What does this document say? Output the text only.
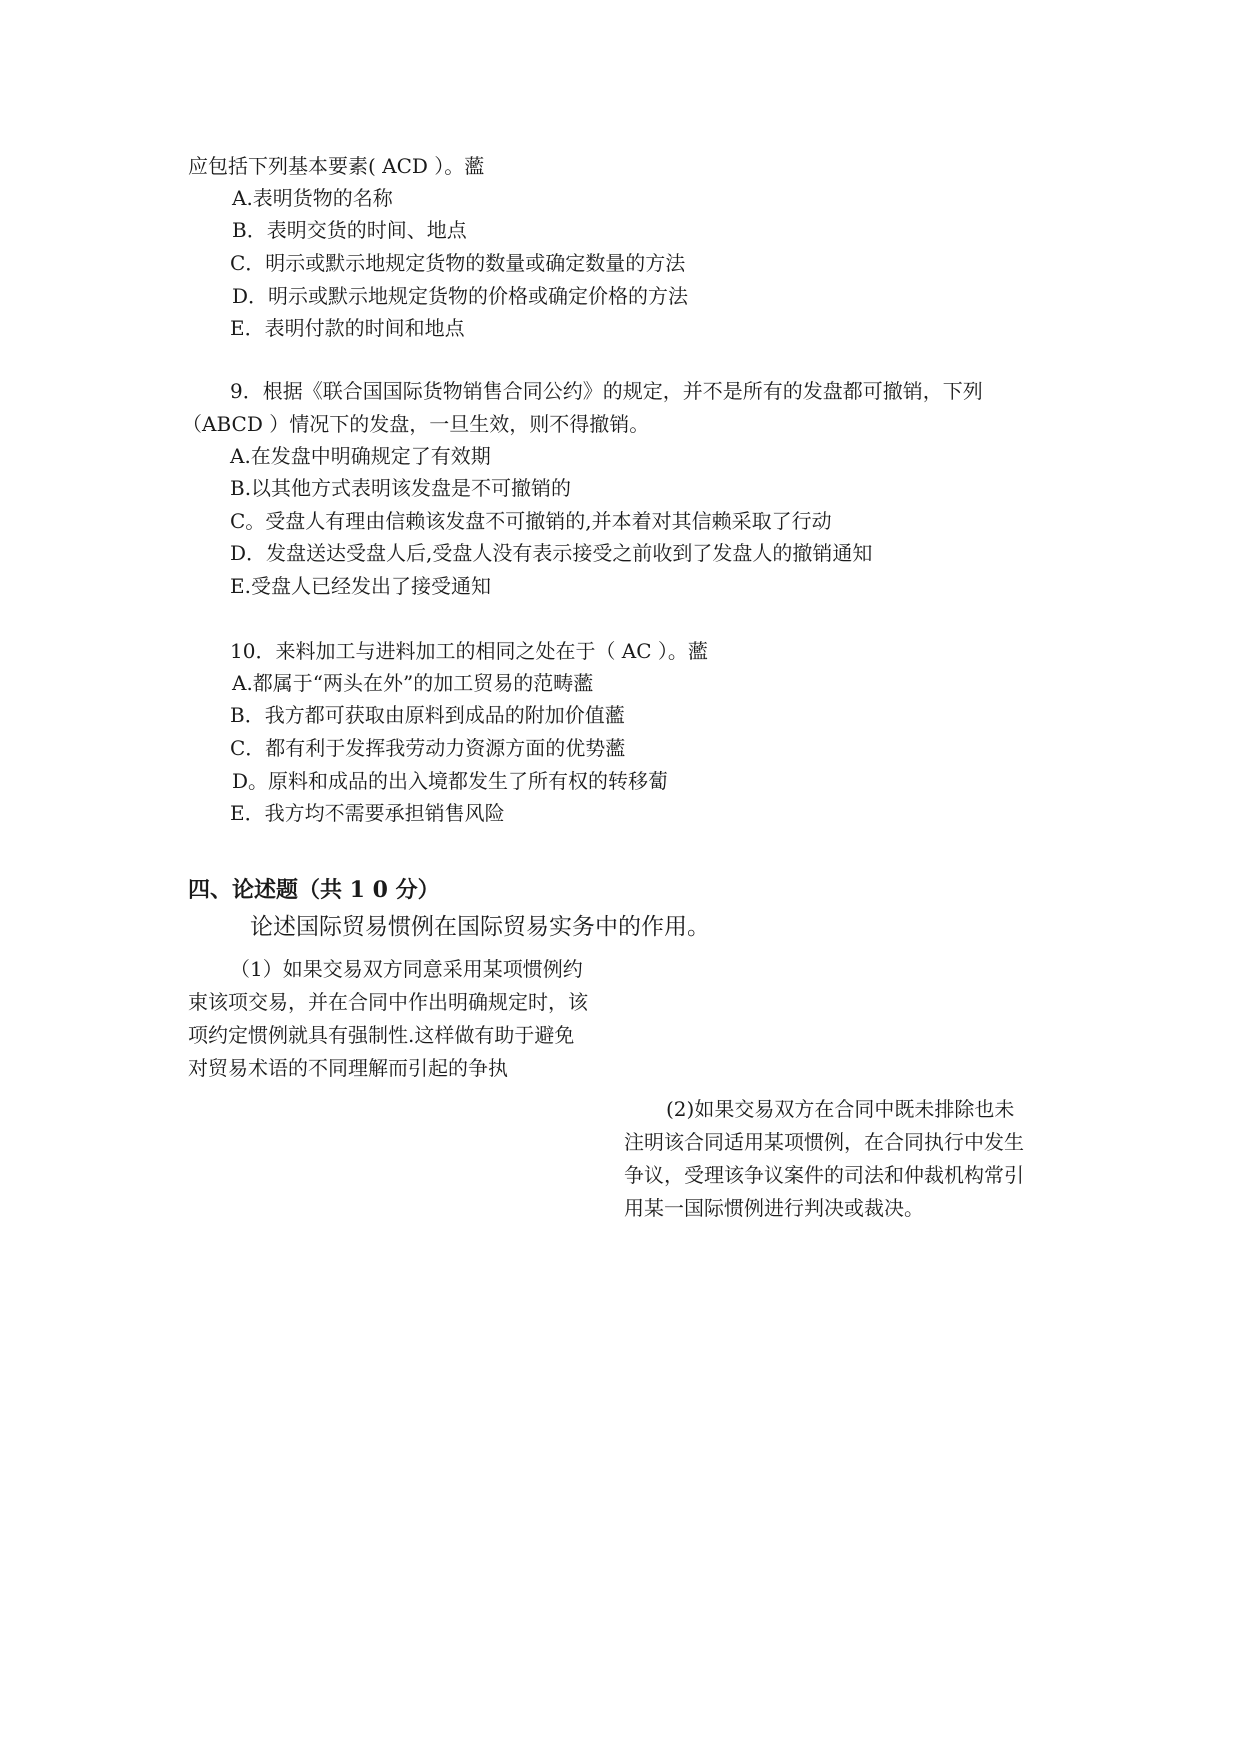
应包括下列基本要素( ACD ）。蘫
A.表明货物的名称
B．表明交货的时间、地点
C．明示或默示地规定货物的数量或确定数量的方法
D．明示或默示地规定货物的价格或确定价格的方法
E．表明付款的时间和地点
9．根据《联合国国际货物销售合同公约》的规定，并不是所有的发盘都可撤销，下列
（ABCD ）情况下的发盘，一旦生效，则不得撤销。
A.在发盘中明确规定了有效期
B.以其他方式表明该发盘是不可撤销的
C。受盘人有理由信赖该发盘不可撤销的,并本着对其信赖采取了行动
D．发盘送达受盘人后,受盘人没有表示接受之前收到了发盘人的撤销通知
E.受盘人已经发出了接受通知
10．来料加工与进料加工的相同之处在于（ AC ）。蘫
A.都属于“两头在外”的加工贸易的范畴蘫
B．我方都可获取由原料到成品的附加价值蘫
C．都有利于发挥我劳动力资源方面的优势蘫
D。原料和成品的出入境都发生了所有权的转移蔔
E．我方均不需要承担销售风险
四、论述题（共 1 0 分）
论述国际贸易惯例在国际贸易实务中的作用。
（1）如果交易双方同意采用某项惯例约
束该项交易，并在合同中作出明确规定时，该
项约定惯例就具有强制性.这样做有助于避免
对贸易术语的不同理解而引起的争执
(2)如果交易双方在合同中既未排除也未
注明该合同适用某项惯例，在合同执行中发生
争议，受理该争议案件的司法和仲裁机构常引
用某一国际惯例进行判决或裁决。
